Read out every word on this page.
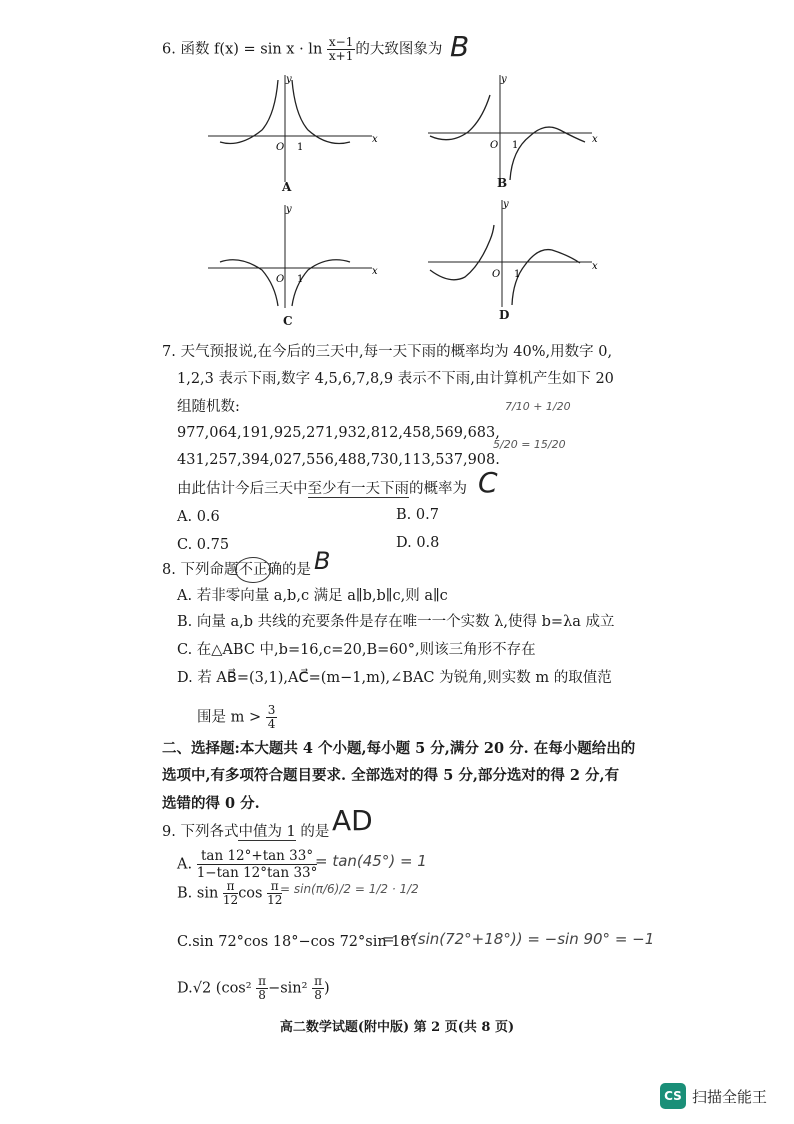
6. 函数 $f(x) = \sin x \cdot \ln \frac{x-1}{x+1}$ 的大致图象为 B
O 1
x
y
O 1
x
y
O 1
x
y
O 1
x
y
A	B
C	D
7. 天气预报说,在今后的三天中,每一天下雨的概率均为 40%,用数字 0,
1,2,3 表示下雨,数字 4,5,6,7,8,9 表示不下雨,由计算机产生如下 20
组随机数:
977,064,191,925,271,932,812,458,569,683,
431,257,394,027,556,488,730,113,537,908.
7/10 + 1/20
5/20 = 15/20
由此估计今后三天中至少有一天下雨的概率为 C
A. 0.6	B. 0.7
C. 0.75	D. 0.8
8. 下列命题不正确的是 B
A. 若非零向量 a,b,c 满足 a∥b,b∥c,则 a∥c
B. 向量 a,b 共线的充要条件是存在唯一一个实数 λ,使得 b=λa 成立
C. 在△ABC 中,b=16,c=20,B=60°,则该三角形不存在
D. 若 AB⃗=(3,1),AC⃗=(m−1,m),∠BAC 为锐角,则实数 m 的取值范
围是 $m > \frac{3}{4}$
二、选择题:本大题共 4 个小题,每小题 5 分,满分 20 分. 在每小题给出的
选项中,有多项符合题目要求. 全部选对的得 5 分,部分选对的得 2 分,有
选错的得 0 分.
9. 下列各式中值为 1 的是 AD
A. $\frac{\tan 12^\circ+\tan 33^\circ}{1-\tan 12^\circ\tan 33^\circ}$
= tan(45°) = 1
B. $\sin \frac{\pi}{12}$ $\cos \frac{\pi}{12}$
= sin(π/6)/2 = 1/2 · 1/2
C.sin 72°cos 18°−cos 72°sin 18°
= −(sin(72°+18°)) = −sin 90° = −1
D.√2 ($\cos^2 \frac{\pi}{8} -\sin^2 \frac{\pi}{8}$ )
高二数学试题(附中版) 第 2 页(共 8 页)
CS 扫描全能王
